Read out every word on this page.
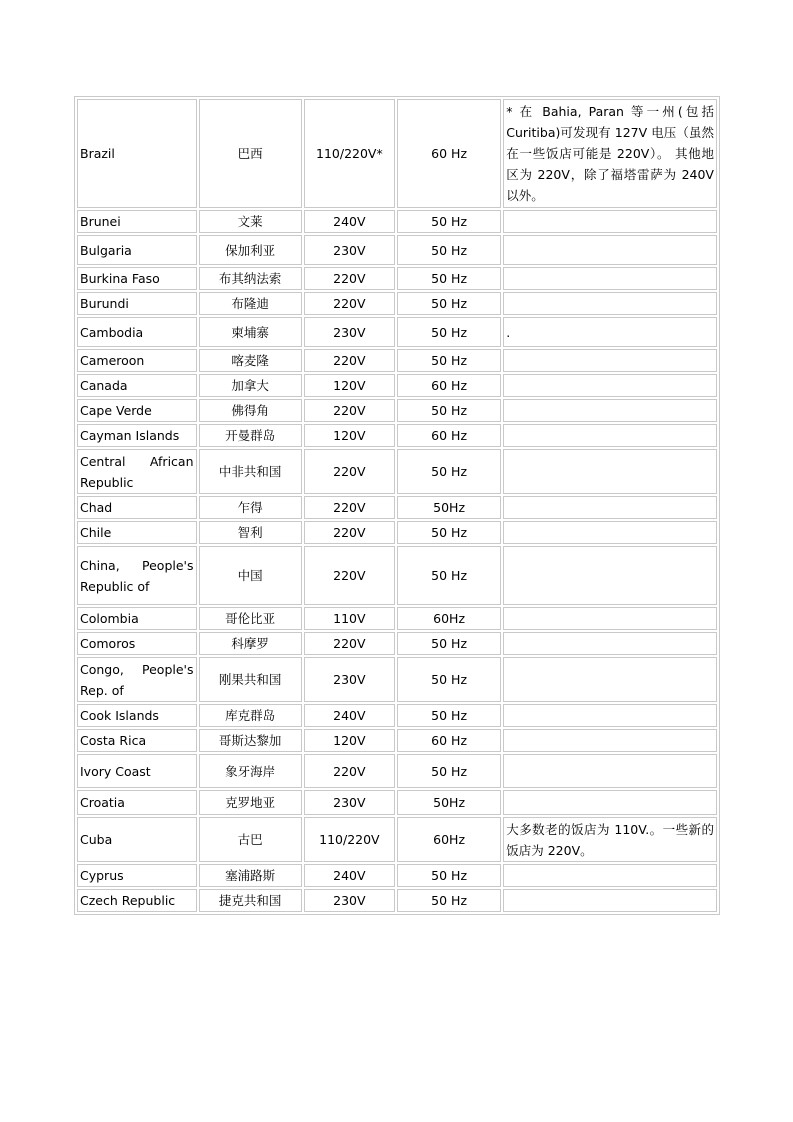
Brazil	巴西	110/220V*	60 Hz	* 在 Bahia, Paran 等一州(包括 Curitiba)可发现有 127V 电压（虽然在一些饭店可能是 220V）。 其他地区为 220V，除了福塔雷萨为 240V 以外。
Brunei	文莱	240V	50 Hz	
Bulgaria	保加利亚	230V	50 Hz	
Burkina Faso	布其纳法索	220V	50 Hz	
Burundi	布隆迪	220V	50 Hz	
Cambodia	柬埔寨	230V	50 Hz	.
Cameroon	喀麦隆	220V	50 Hz	
Canada	加拿大	120V	60 Hz	
Cape Verde	佛得角	220V	50 Hz	
Cayman Islands	开曼群岛	120V	60 Hz	
Central African Republic	中非共和国	220V	50 Hz	
Chad	乍得	220V	50Hz	
Chile	智利	220V	50 Hz	
China, People's Republic of	中国	220V	50 Hz	
Colombia	哥伦比亚	110V	60Hz	
Comoros	科摩罗	220V	50 Hz	
Congo, People's Rep. of	刚果共和国	230V	50 Hz	
Cook Islands	库克群岛	240V	50 Hz	
Costa Rica	哥斯达黎加	120V	60 Hz	
Ivory Coast	象牙海岸	220V	50 Hz	
Croatia	克罗地亚	230V	50Hz	
Cuba	古巴	110/220V	60Hz	大多数老的饭店为 110V.。一些新的饭店为 220V。
Cyprus	塞浦路斯	240V	50 Hz	
Czech Republic	捷克共和国	230V	50 Hz	
